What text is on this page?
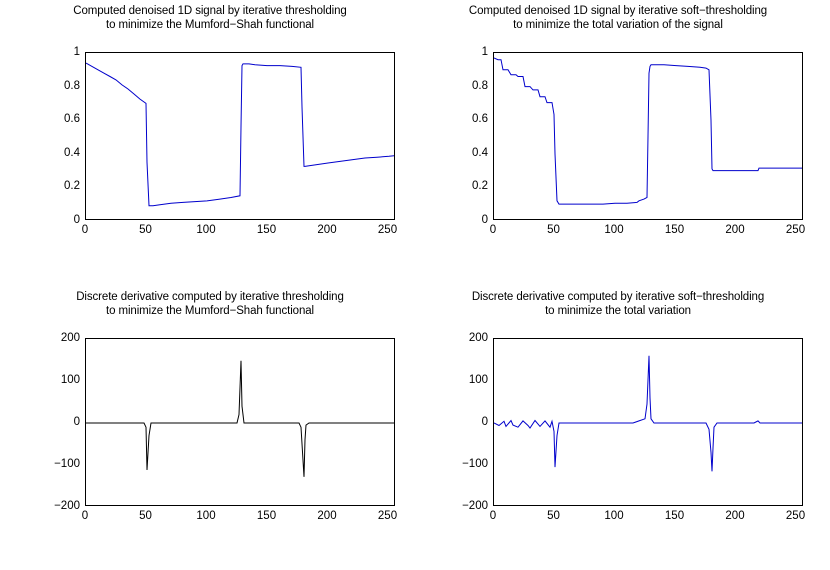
Computed denoised 1D signal by iterative thresholding
to minimize the Mumford−Shah functional
1
0.8
0.6
0.4
0.2
0
0	50	100	150	200	250
Computed denoised 1D signal by iterative soft−thresholding
to minimize the total variation of the signal
1
0.8
0.6
0.4
0.2
0
0	50	100	150	200	250
Discrete derivative computed by iterative thresholding
to minimize the Mumford−Shah functional
200
100
0
−100
−200
0	50	100	150	200	250
Discrete derivative computed by iterative soft−thresholding
to minimize the total variation
200
100
0
−100
−200
0	50	100	150	200	250
